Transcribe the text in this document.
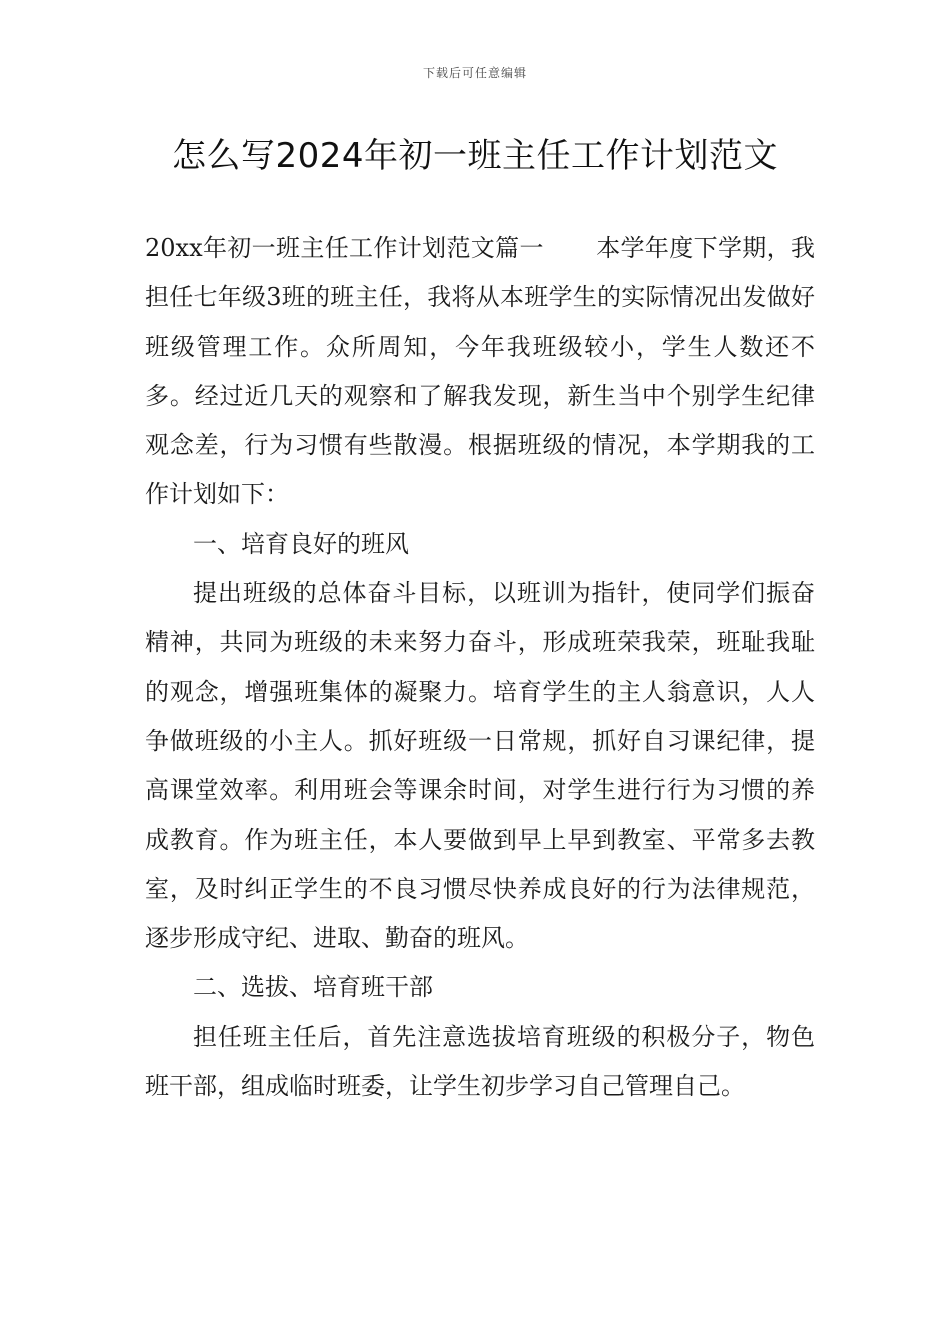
下载后可任意编辑
怎么写2024年初一班主任工作计划范文

20xx年初一班主任工作计划范文篇一 本学年度下学期，我担任七年级3班的班主任，我将从本班学生的实际情况出发做好班级管理工作。众所周知，今年我班级较小，学生人数还不多。经过近几天的观察和了解我发现，新生当中个别学生纪律观念差，行为习惯有些散漫。根据班级的情况，本学期我的工作计划如下：

一、培育良好的班风

提出班级的总体奋斗目标，以班训为指针，使同学们振奋精神，共同为班级的未来努力奋斗，形成班荣我荣，班耻我耻的观念，增强班集体的凝聚力。培育学生的主人翁意识，人人争做班级的小主人。抓好班级一日常规，抓好自习课纪律，提高课堂效率。利用班会等课余时间，对学生进行行为习惯的养成教育。作为班主任，本人要做到早上早到教室、平常多去教室，及时纠正学生的不良习惯尽快养成良好的行为法律规范，逐步形成守纪、进取、勤奋的班风。

二、选拔、培育班干部

担任班主任后，首先注意选拔培育班级的积极分子，物色班干部，组成临时班委，让学生初步学习自己管理自己。
